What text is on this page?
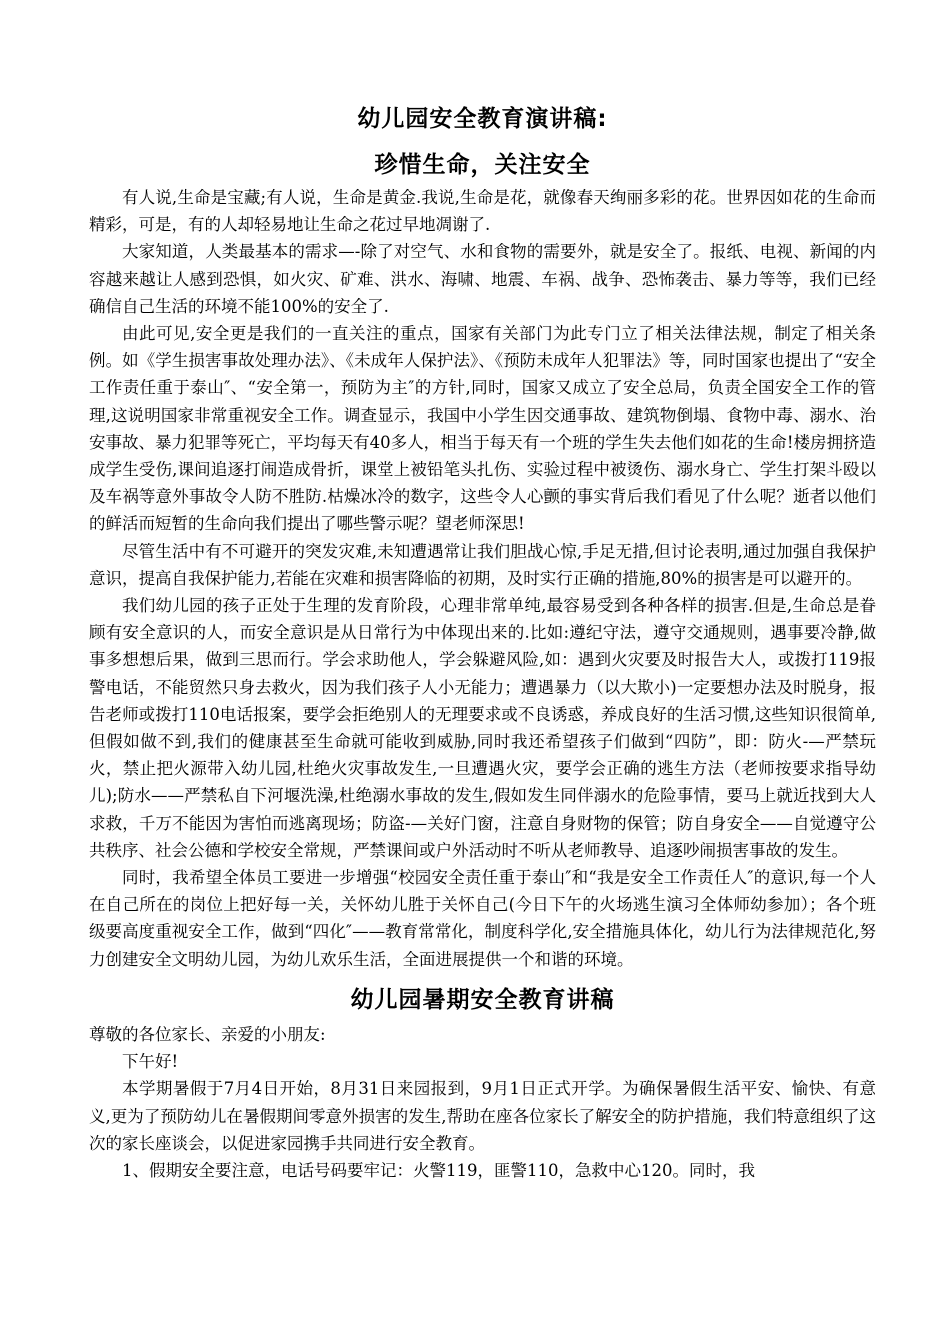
幼儿园安全教育演讲稿:
珍惜生命，关注安全

有人说,生命是宝藏;有人说，生命是黄金.我说,生命是花，就像春天绚丽多彩的花。世界因如花的生命而精彩，可是，有的人却轻易地让生命之花过早地凋谢了.

大家知道，人类最基本的需求—-除了对空气、水和食物的需要外，就是安全了。报纸、电视、新闻的内容越来越让人感到恐惧，如火灾、矿难、洪水、海啸、地震、车祸、战争、恐怖袭击、暴力等等，我们已经确信自己生活的环境不能100%的安全了.

由此可见,安全更是我们的一直关注的重点，国家有关部门为此专门立了相关法律法规，制定了相关条例。如《学生损害事故处理办法》、《未成年人保护法》、《预防未成年人犯罪法》等，同时国家也提出了“安全工作责任重于泰山″、“安全第一，预防为主″的方针,同时，国家又成立了安全总局，负责全国安全工作的管理,这说明国家非常重视安全工作。调查显示，我国中小学生因交通事故、建筑物倒塌、食物中毒、溺水、治安事故、暴力犯罪等死亡，平均每天有40多人，相当于每天有一个班的学生失去他们如花的生命!楼房拥挤造成学生受伤,课间追逐打闹造成骨折，课堂上被铅笔头扎伤、实验过程中被烫伤、溺水身亡、学生打架斗殴以及车祸等意外事故令人防不胜防.枯燥冰冷的数字，这些令人心颤的事实背后我们看见了什么呢？逝者以他们的鲜活而短暂的生命向我们提出了哪些警示呢？望老师深思!

尽管生活中有不可避开的突发灾难,未知遭遇常让我们胆战心惊,手足无措,但讨论表明,通过加强自我保护意识，提高自我保护能力,若能在灾难和损害降临的初期，及时实行正确的措施,80%的损害是可以避开的。

我们幼儿园的孩子正处于生理的发育阶段，心理非常单纯,最容易受到各种各样的损害.但是,生命总是眷顾有安全意识的人，而安全意识是从日常行为中体现出来的.比如:遵纪守法，遵守交通规则，遇事要冷静,做事多想想后果，做到三思而行。学会求助他人，学会躲避风险,如：遇到火灾要及时报告大人，或拨打119报警电话，不能贸然只身去救火，因为我们孩子人小无能力；遭遇暴力（以大欺小)一定要想办法及时脱身，报告老师或拨打110电话报案，要学会拒绝别人的无理要求或不良诱惑，养成良好的生活习惯,这些知识很简单,但假如做不到,我们的健康甚至生命就可能收到威胁,同时我还希望孩子们做到“四防”，即：防火-—严禁玩火，禁止把火源带入幼儿园,杜绝火灾事故发生,一旦遭遇火灾，要学会正确的逃生方法（老师按要求指导幼儿);防水——严禁私自下河堰洗澡,杜绝溺水事故的发生,假如发生同伴溺水的危险事情，要马上就近找到大人求救，千万不能因为害怕而逃离现场；防盗-—关好门窗，注意自身财物的保管；防自身安全——自觉遵守公共秩序、社会公德和学校安全常规，严禁课间或户外活动时不听从老师教导、追逐吵闹损害事故的发生。

同时，我希望全体员工要进一步增强“校园安全责任重于泰山″和“我是安全工作责任人″的意识,每一个人在自己所在的岗位上把好每一关，关怀幼儿胜于关怀自己(今日下午的火场逃生演习全体师幼参加）；各个班级要高度重视安全工作，做到“四化″——教育常常化，制度科学化,安全措施具体化，幼儿行为法律规范化,努力创建安全文明幼儿园，为幼儿欢乐生活，全面进展提供一个和谐的环境。

幼儿园暑期安全教育讲稿

尊敬的各位家长、亲爱的小朋友:

下午好!

本学期暑假于7月4日开始，8月31日来园报到，9月1日正式开学。为确保暑假生活平安、愉快、有意义,更为了预防幼儿在暑假期间零意外损害的发生,帮助在座各位家长了解安全的防护措施，我们特意组织了这次的家长座谈会，以促进家园携手共同进行安全教育。

1、假期安全要注意，电话号码要牢记：火警119，匪警110，急救中心120。同时，我
